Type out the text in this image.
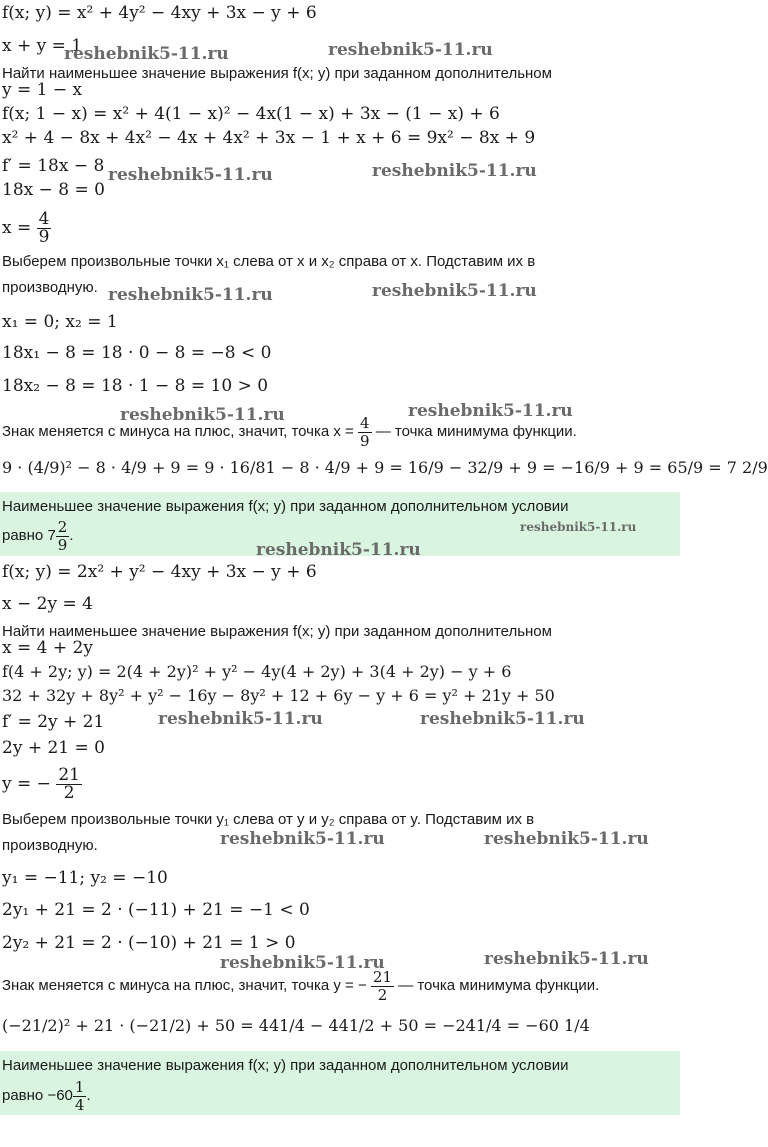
f(x; y) = x² + 4y² − 4xy + 3x − y + 6
x + y = 1
Найти наименьшее значение выражения f(x; y) при заданном дополнительном
y = 1 − x
f(x; 1 − x) = x² + 4(1 − x)² − 4x(1 − x) + 3x − (1 − x) + 6
x² + 4 − 8x + 4x² − 4x + 4x² + 3x − 1 + x + 6 = 9x² − 8x + 9
f′ = 18x − 8
18x − 8 = 0
$x = \frac{4}{9}$
Выберем произвольные точки x₁ слева от x и x₂ справа от x. Подставим их в
производную.
x₁ = 0; x₂ = 1
18x₁ − 8 = 18 · 0 − 8 = −8 < 0
18x₂ − 8 = 18 · 1 − 8 = 10 > 0
Знак меняется с минуса на плюс, значит, точка $x = \frac{4}{9}$ — точка минимума функции.
9 · (4/9)² − 8 · 4/9 + 9 = 9 · 16/81 − 8 · 4/9 + 9 = 16/9 − 32/9 + 9 = −16/9 + 9 = 65/9 = 7 2/9
Наименьшее значение выражения f(x; y) при заданном дополнительном условии
равно $7 \frac{2}{9}$ .
f(x; y) = 2x² + y² − 4xy + 3x − y + 6
x − 2y = 4
Найти наименьшее значение выражения f(x; y) при заданном дополнительном
x = 4 + 2y
f(4 + 2y; y) = 2(4 + 2y)² + y² − 4y(4 + 2y) + 3(4 + 2y) − y + 6
32 + 32y + 8y² + y² − 16y − 8y² + 12 + 6y − y + 6 = y² + 21y + 50
f′ = 2y + 21
2y + 21 = 0
y = − $\frac{21}{2}$
Выберем произвольные точки y₁ слева от y и y₂ справа от y. Подставим их в
производную.
y₁ = −11; y₂ = −10
2y₁ + 21 = 2 · (−11) + 21 = −1 < 0
2y₂ + 21 = 2 · (−10) + 21 = 1 > 0
Знак меняется с минуса на плюс, значит, точка y = − $\frac{21}{2}$ — точка минимума функции.
(−21/2)² + 21 · (−21/2) + 50 = 441/4 − 441/2 + 50 = −241/4 = −60 1/4
Наименьшее значение выражения f(x; y) при заданном дополнительном условии
равно $-60 \frac{1}{4}$ .
reshebnik5-11.ru	reshebnik5-11.ru
reshebnik5-11.ru	reshebnik5-11.ru
reshebnik5-11.ru	reshebnik5-11.ru
reshebnik5-11.ru	reshebnik5-11.ru
reshebnik5-11.ru
reshebnik5-11.ru
reshebnik5-11.ru	reshebnik5-11.ru
reshebnik5-11.ru	reshebnik5-11.ru
reshebnik5-11.ru	reshebnik5-11.ru
